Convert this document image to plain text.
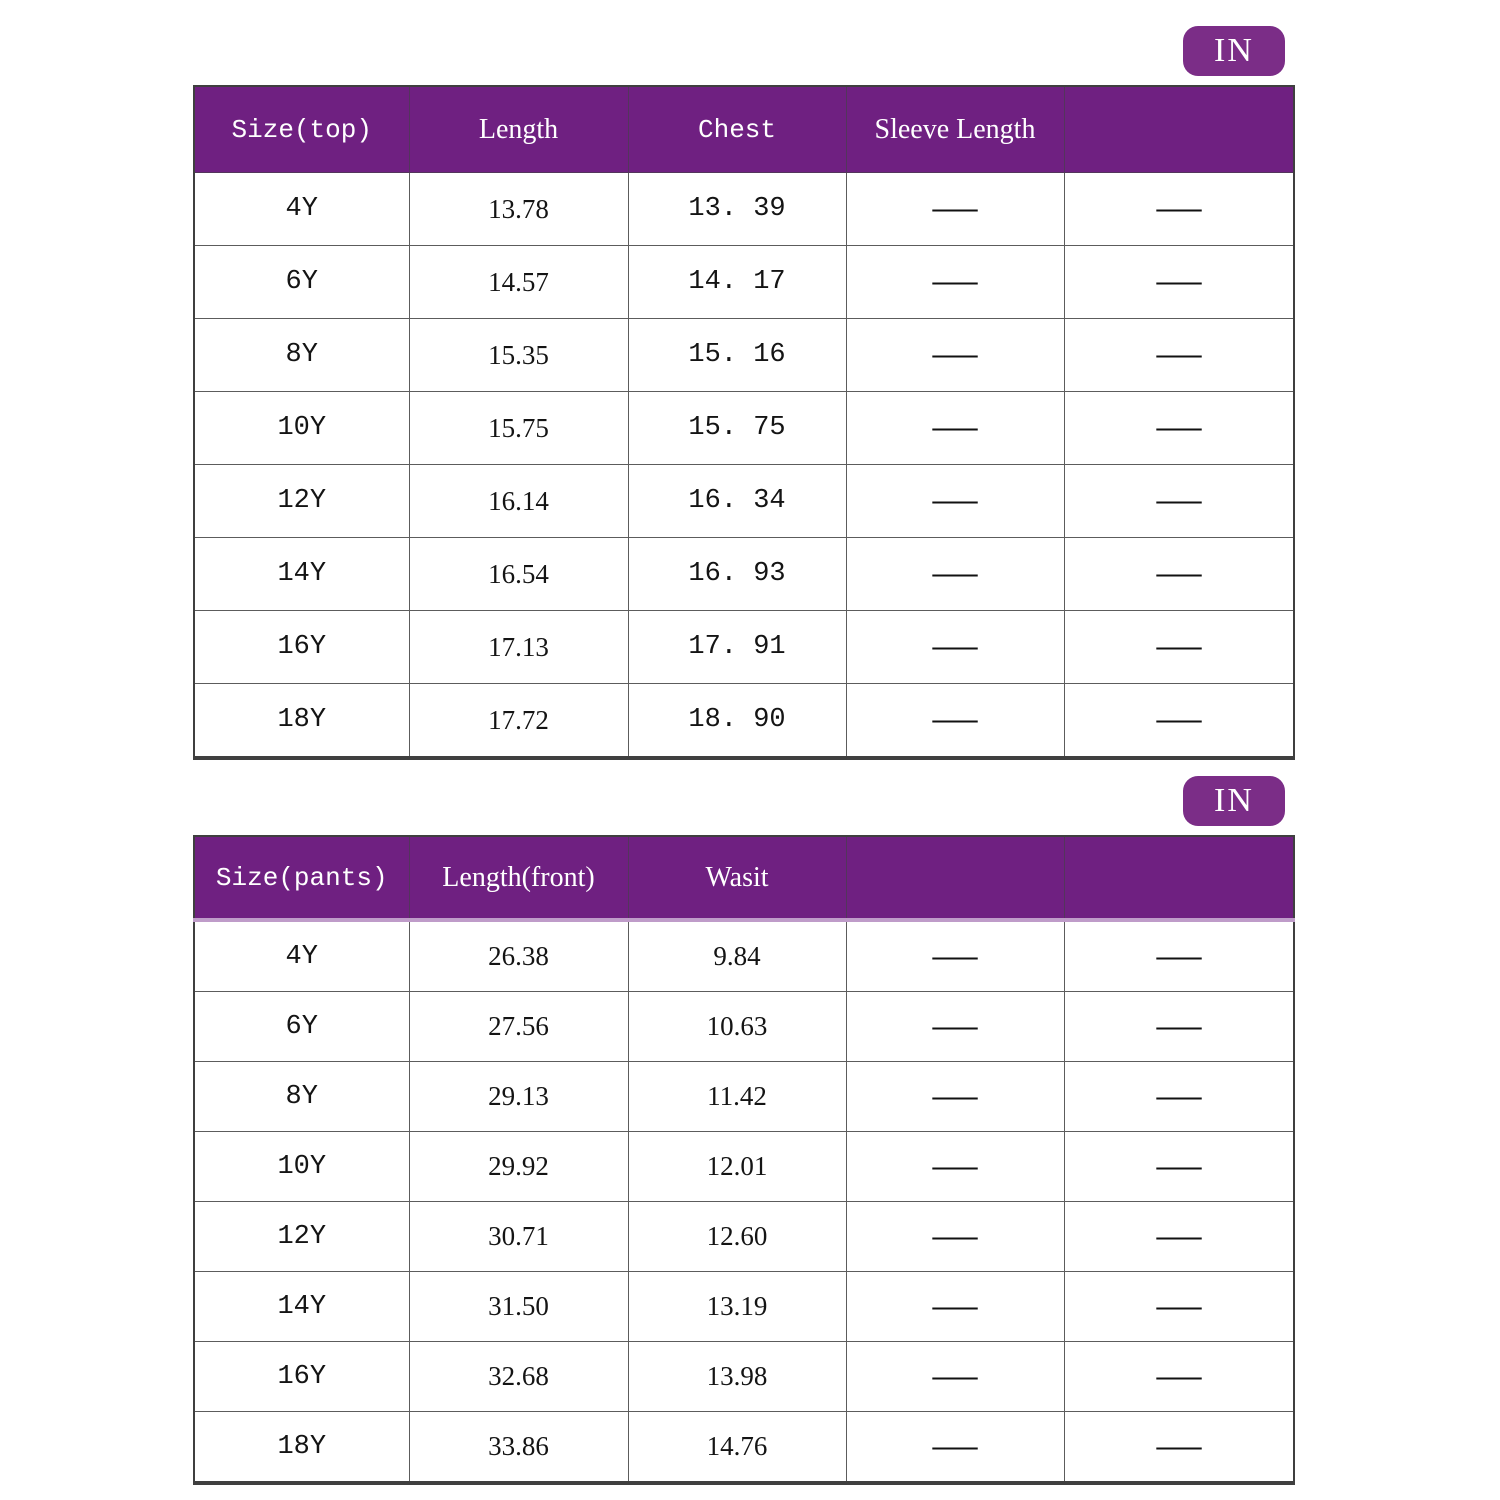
IN
Size(top)	Length	Chest	Sleeve Length	
4Y	13.78	13. 39	—	—
6Y	14.57	14. 17	—	—
8Y	15.35	15. 16	—	—
10Y	15.75	15. 75	—	—
12Y	16.14	16. 34	—	—
14Y	16.54	16. 93	—	—
16Y	17.13	17. 91	—	—
18Y	17.72	18. 90	—	—
IN
Size(pants)	Length(front)	Wasit		
4Y	26.38	9.84	—	—
6Y	27.56	10.63	—	—
8Y	29.13	11.42	—	—
10Y	29.92	12.01	—	—
12Y	30.71	12.60	—	—
14Y	31.50	13.19	—	—
16Y	32.68	13.98	—	—
18Y	33.86	14.76	—	—
